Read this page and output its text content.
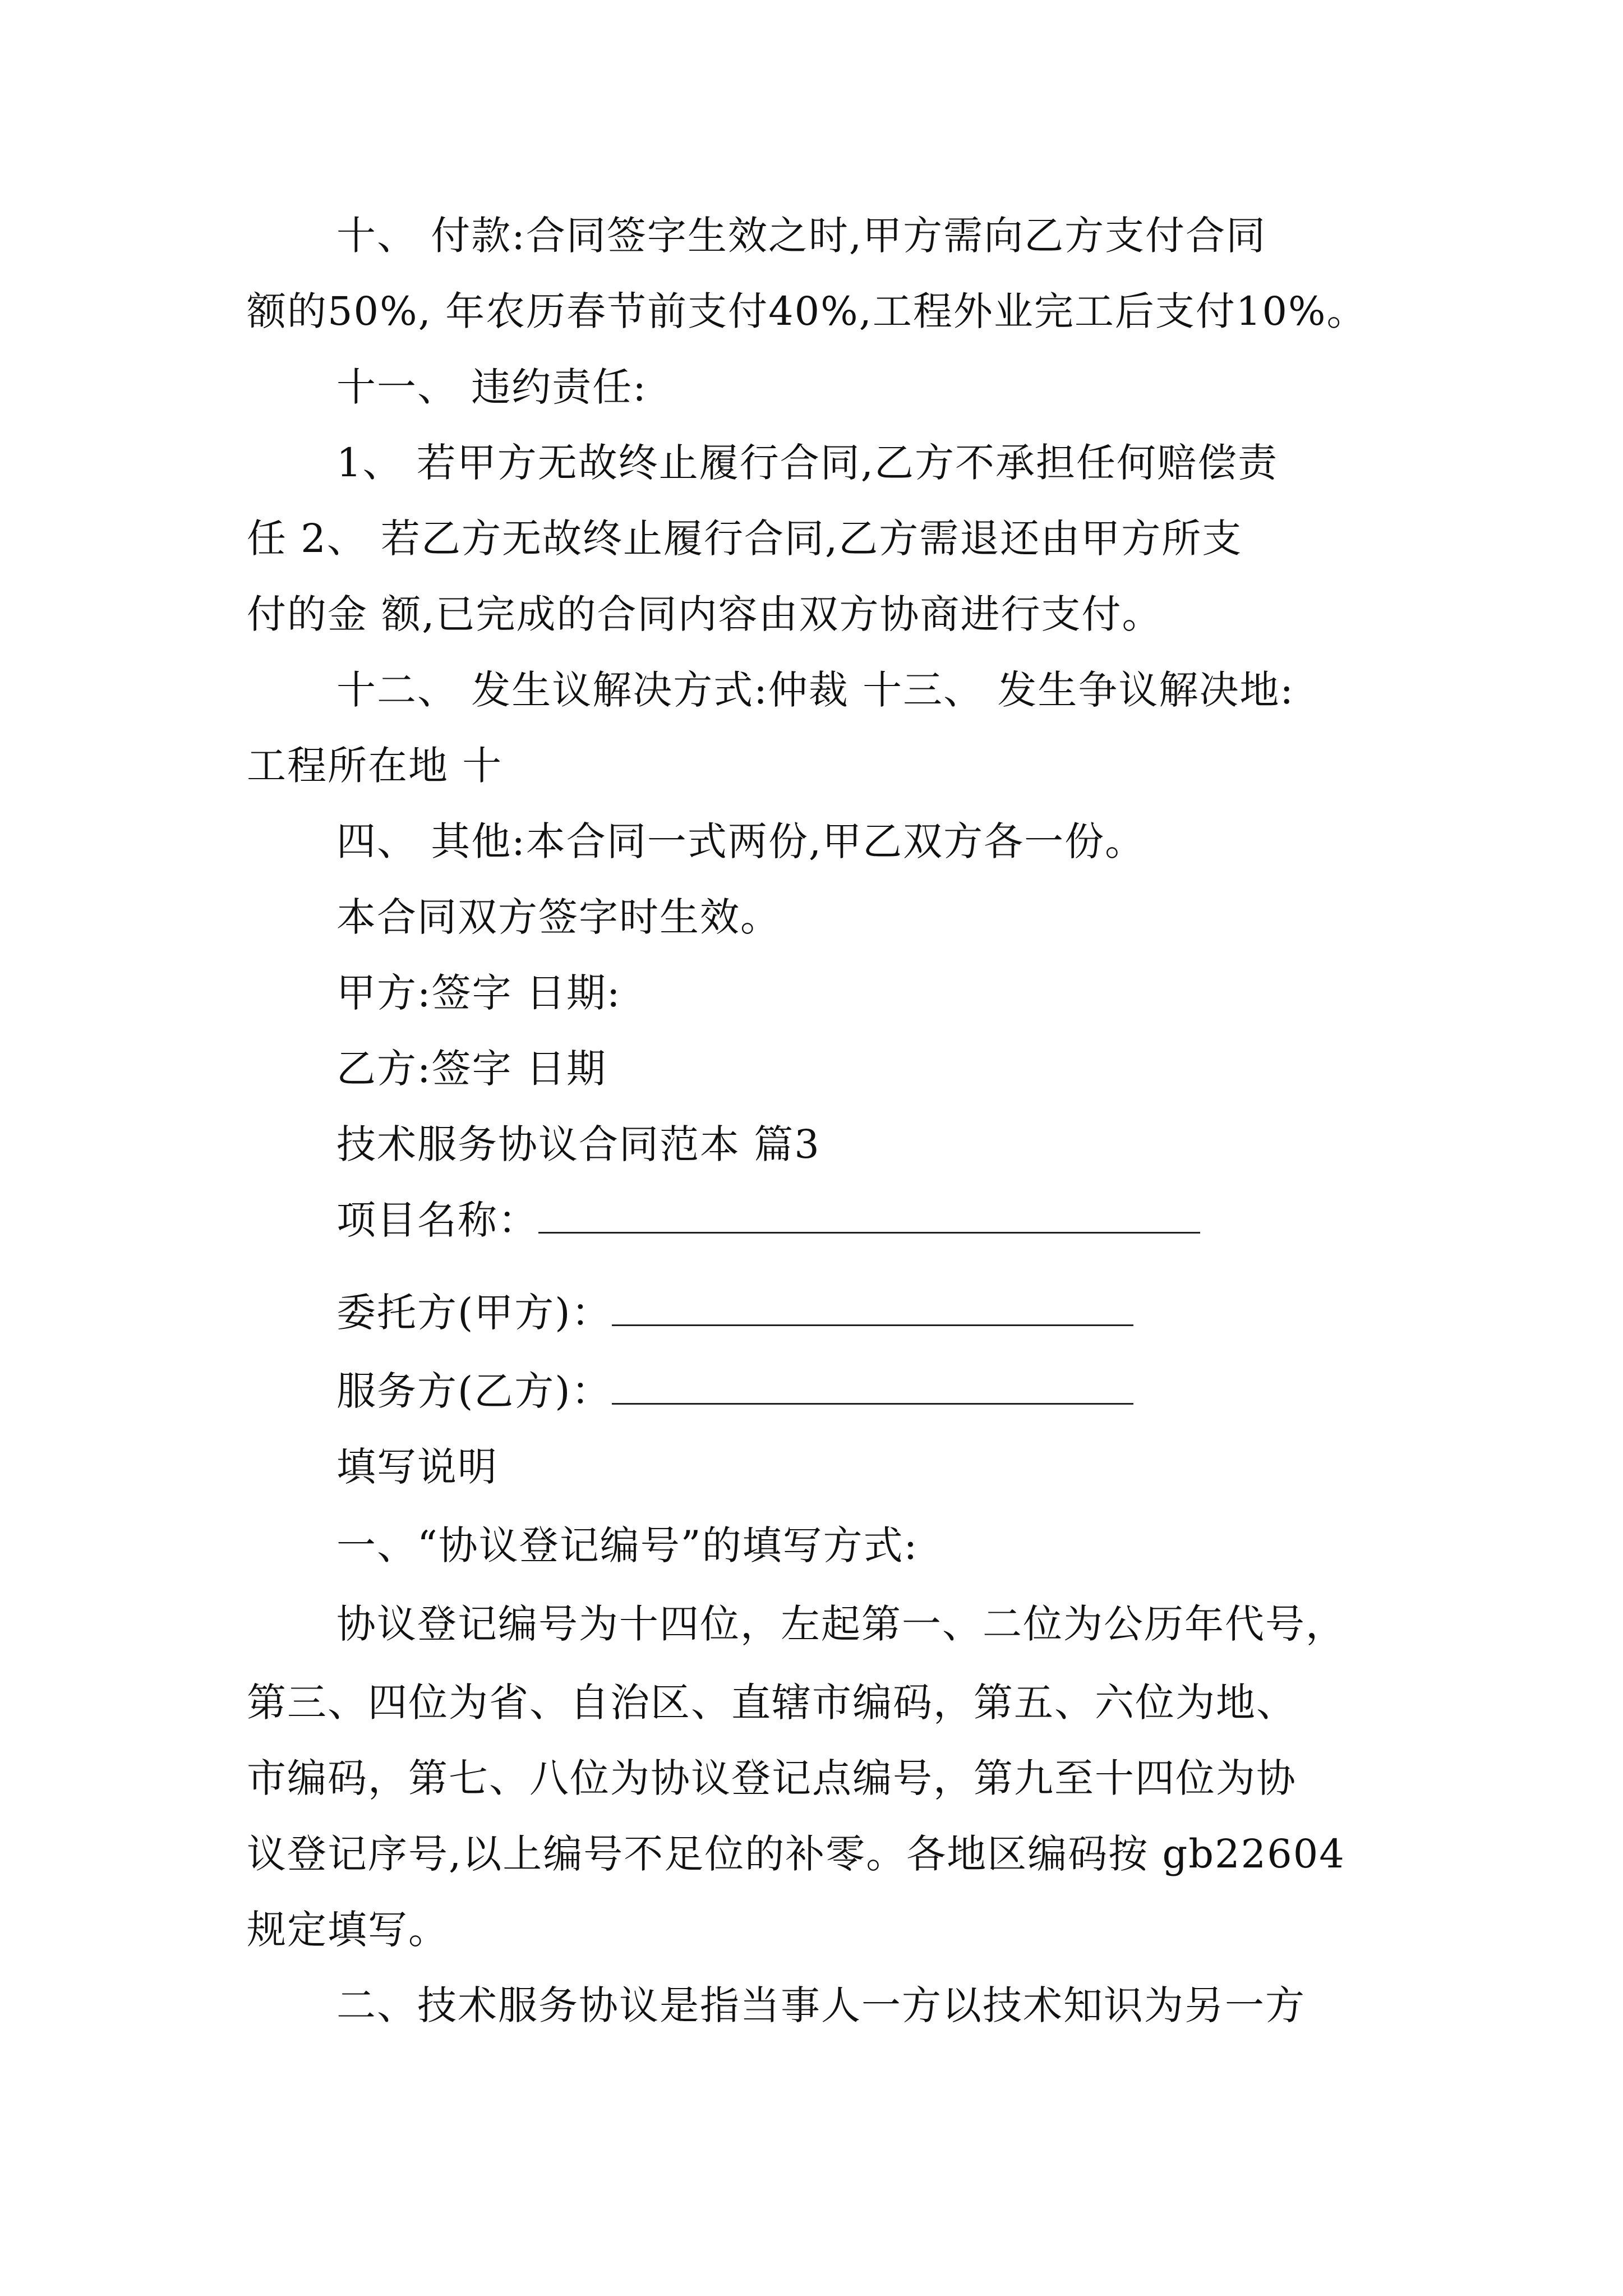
十、 付款:合同签字生效之时,甲方需向乙方支付合同
额的50%, 年农历春节前支付40%,工程外业完工后支付10%。
十一、 违约责任:
1、 若甲方无故终止履行合同,乙方不承担任何赔偿责
任 2、 若乙方无故终止履行合同,乙方需退还由甲方所支
付的金 额,已完成的合同内容由双方协商进行支付。
十二、 发生议解决方式:仲裁 十三、 发生争议解决地:
工程所在地 十
四、 其他:本合同一式两份,甲乙双方各一份。
本合同双方签字时生效。
甲方:签字 日期:
乙方:签字 日期
技术服务协议合同范本 篇3
项目名称：
委托方(甲方)：
服务方(乙方)：
填写说明
一、“协议登记编号”的填写方式:
协议登记编号为十四位，左起第一、二位为公历年代号，
第三、四位为省、自治区、直辖市编码，第五、六位为地、
市编码，第七、八位为协议登记点编号，第九至十四位为协
议登记序号,以上编号不足位的补零。各地区编码按 gb22604
规定填写。
二、技术服务协议是指当事人一方以技术知识为另一方
